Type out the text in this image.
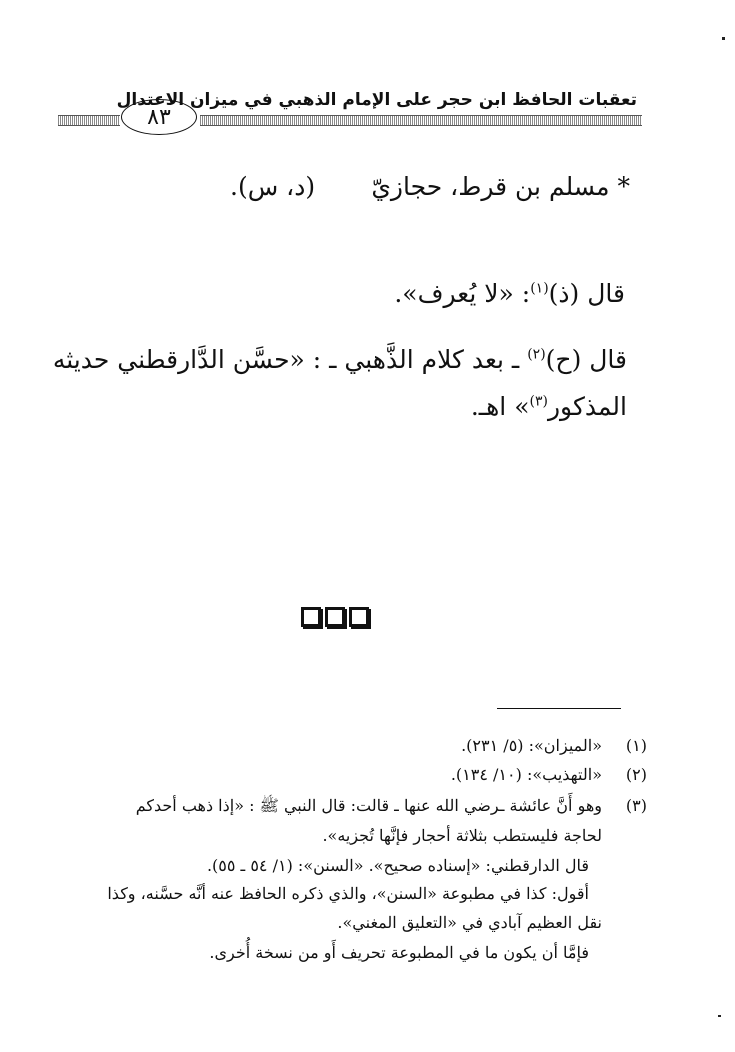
تعقبات الحافظ ابن حجر على الإمام الذهبي في ميزان الاعتدال
٨٣
* مسلم بن قرط، حجازيّ
(د، س).
قال (ذ)$^{(١)}$: «لا يُعرف».
قال (ح)$^{(٢)}$ ـ بعد كلام الذَّهبي ـ : «حسَّن الدَّارقطني حديثه
المذكور$^{(٣)}$» اهـ.
(١)
«الميزان»: (٥/ ٢٣١).
(٢)
«التهذيب»: (١٠/ ١٣٤).
(٣)
وهو أَنَّ عائشة ـرضي الله عنها ـ قالت: قال النبي ﷺ : «إذا ذهب أحدكم
لحاجة فليستطب بثلاثة أحجار فإنَّها تُجزيه».
قال الدارقطني: «إسناده صحيح». «السنن»: (١/ ٥٤ ـ ٥٥).
أقول: كذا في مطبوعة «السنن»، والذي ذكره الحافظ عنه أنَّه حسَّنه، وكذا
نقل العظيم آبادي في «التعليق المغني».
فإمَّا أن يكون ما في المطبوعة تحريف أَو من نسخة أُخرى.
